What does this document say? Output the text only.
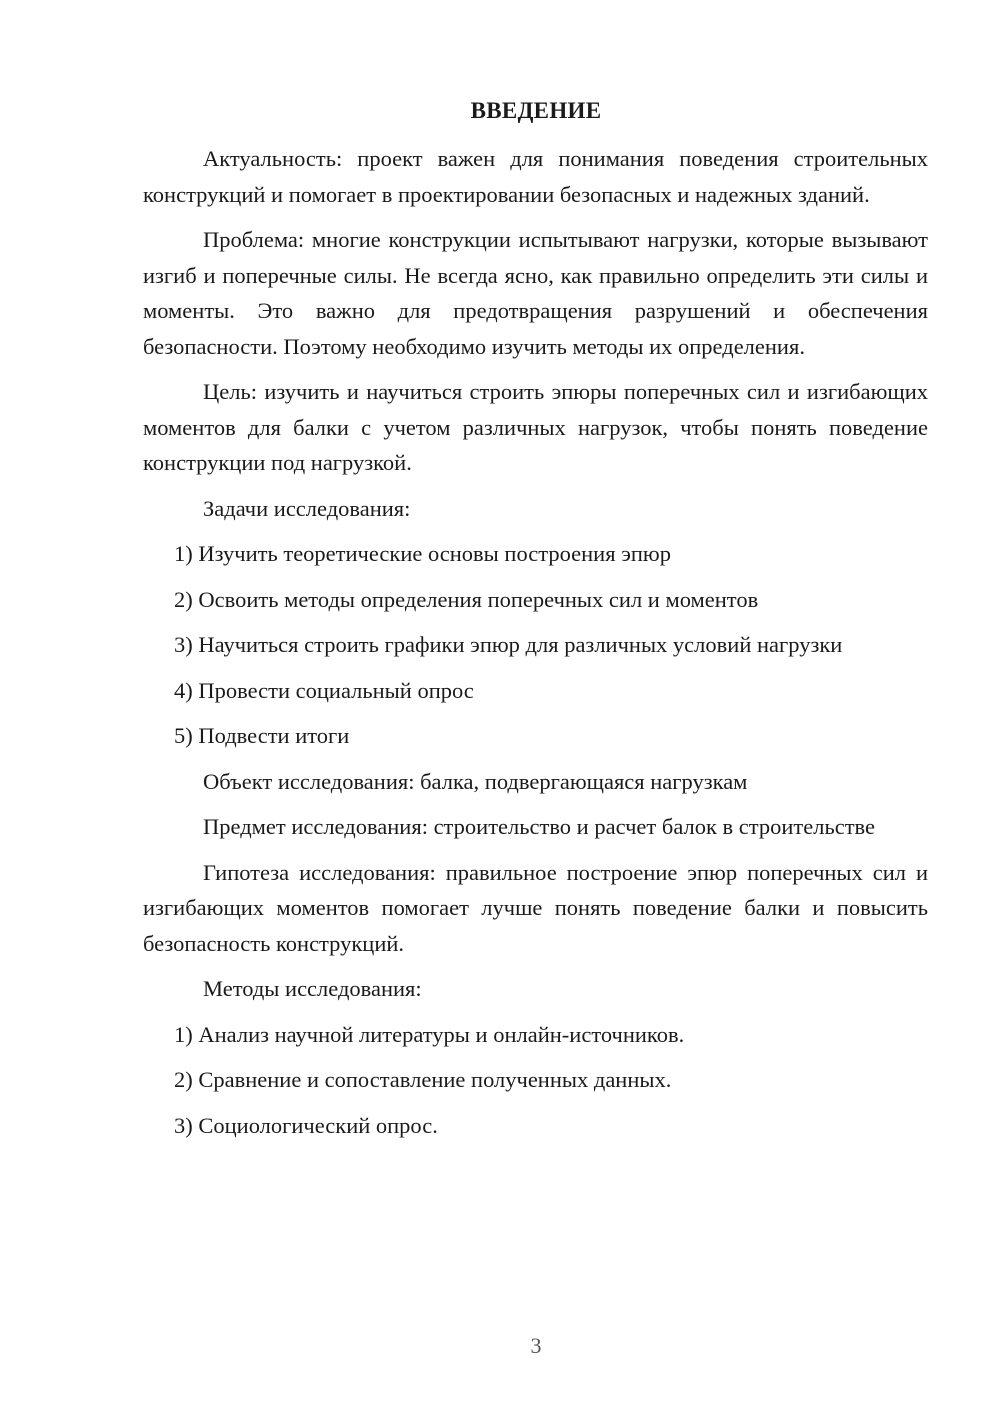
ВВЕДЕНИЕ

Актуальность: проект важен для понимания поведения строительных конструкций и помогает в проектировании безопасных и надежных зданий.

Проблема: многие конструкции испытывают нагрузки, которые вызывают изгиб и поперечные силы. Не всегда ясно, как правильно определить эти силы и моменты. Это важно для предотвращения разрушений и обеспечения безопасности. Поэтому необходимо изучить методы их определения.

Цель: изучить и научиться строить эпюры поперечных сил и изгибающих моментов для балки с учетом различных нагрузок, чтобы понять поведение конструкции под нагрузкой.

Задачи исследования:

1) Изучить теоретические основы построения эпюр

2) Освоить методы определения поперечных сил и моментов

3) Научиться строить графики эпюр для различных условий нагрузки

4) Провести социальный опрос

5) Подвести итоги

Объект исследования: балка, подвергающаяся нагрузкам

Предмет исследования: строительство и расчет балок в строительстве

Гипотеза исследования: правильное построение эпюр поперечных сил и изгибающих моментов помогает лучше понять поведение балки и повысить безопасность конструкций.

Методы исследования:

1) Анализ научной литературы и онлайн-источников.

2) Сравнение и сопоставление полученных данных.

3) Социологический опрос.

3
